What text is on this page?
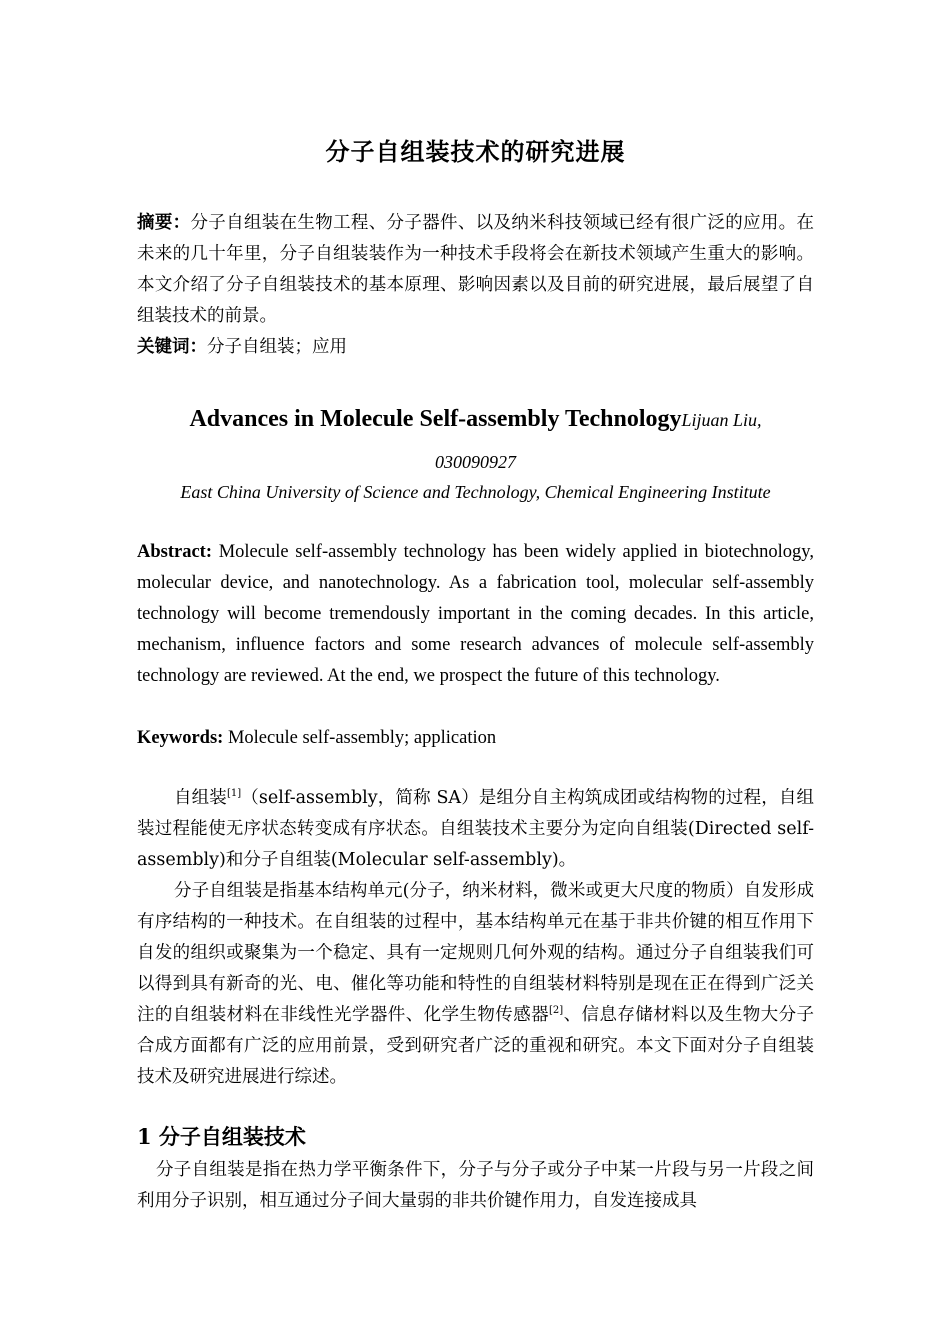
分子自组装技术的研究进展
摘要：分子自组装在生物工程、分子器件、以及纳米科技领域已经有很广泛的应用。在未来的几十年里，分子自组装装作为一种技术手段将会在新技术领域产生重大的影响。本文介绍了分子自组装技术的基本原理、影响因素以及目前的研究进展，最后展望了自组装技术的前景。
关键词：分子自组装；应用
Advances in Molecule Self-assembly TechnologyLijuan Liu,
030090927
East China University of Science and Technology, Chemical Engineering Institute
Abstract: Molecule self-assembly technology has been widely applied in biotechnology, molecular device, and nanotechnology. As a fabrication tool, molecular self-assembly technology will become tremendously important in the coming decades. In this article, mechanism, influence factors and some research advances of molecule self-assembly technology are reviewed. At the end, we prospect the future of this technology.
Keywords: Molecule self-assembly; application
自组装[1]（self-assembly，简称 SA）是组分自主构筑成团或结构物的过程，自组装过程能使无序状态转变成有序状态。自组装技术主要分为定向自组装(Directed self-assembly)和分子自组装(Molecular self-assembly)。
分子自组装是指基本结构单元(分子，纳米材料，微米或更大尺度的物质）自发形成有序结构的一种技术。在自组装的过程中，基本结构单元在基于非共价键的相互作用下自发的组织或聚集为一个稳定、具有一定规则几何外观的结构。通过分子自组装我们可以得到具有新奇的光、电、催化等功能和特性的自组装材料特别是现在正在得到广泛关注的自组装材料在非线性光学器件、化学生物传感器[2]、信息存储材料以及生物大分子合成方面都有广泛的应用前景，受到研究者广泛的重视和研究。本文下面对分子自组装技术及研究进展进行综述。
1 分子自组装技术
分子自组装是指在热力学平衡条件下，分子与分子或分子中某一片段与另一片段之间利用分子识别，相互通过分子间大量弱的非共价键作用力，自发连接成具
